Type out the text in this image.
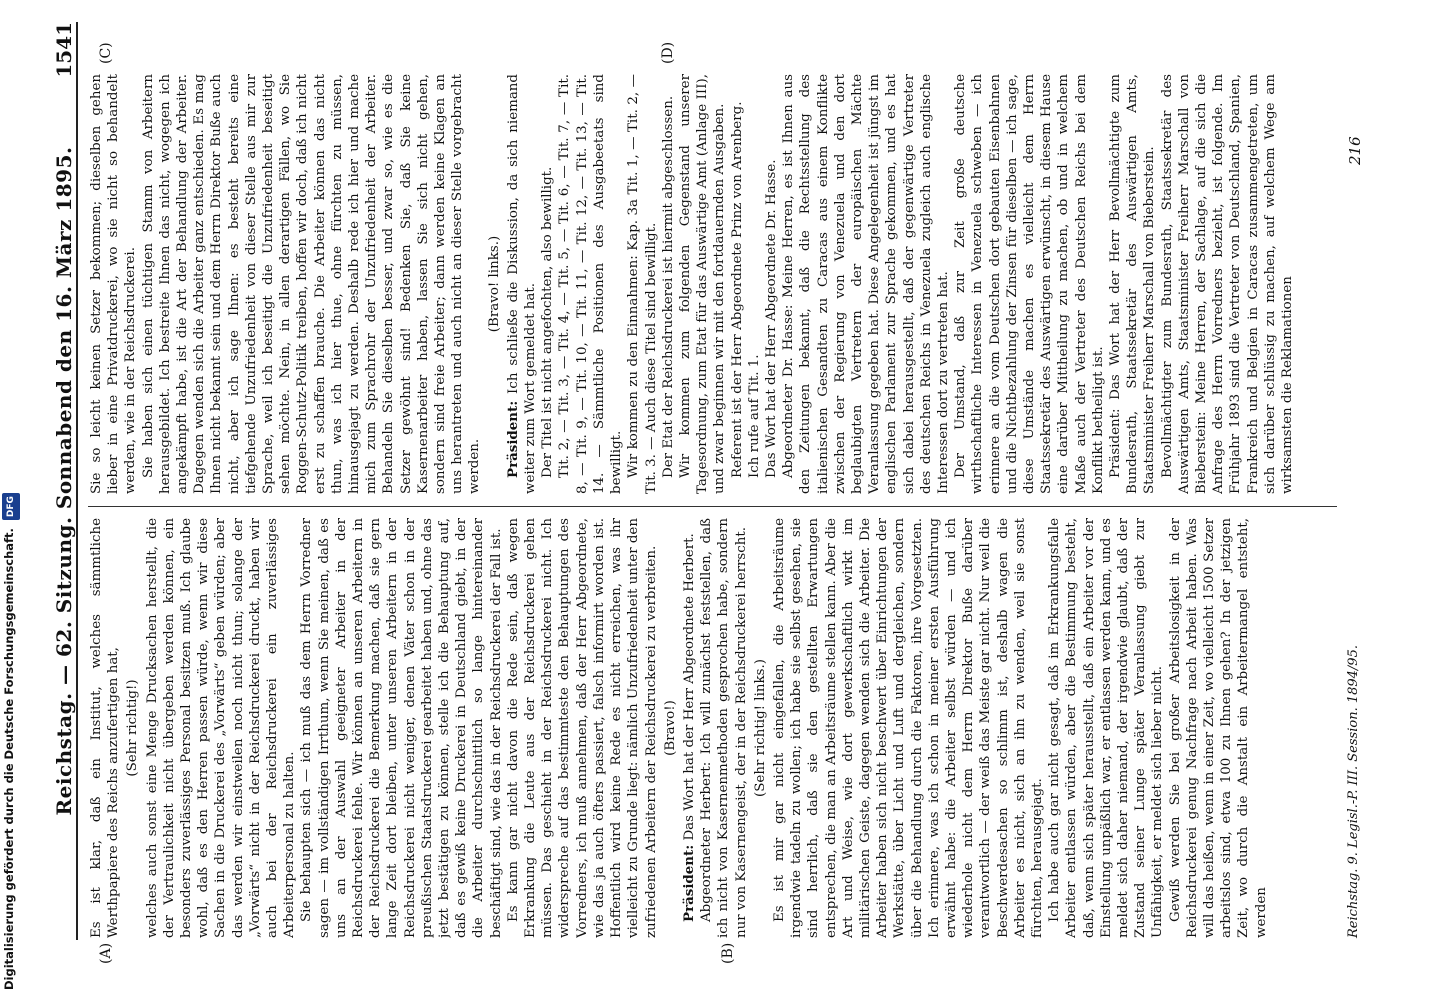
Reichstag. — 62. Sitzung. Sonnabend den 16. März 1895.
1541
(A)	(B)
(C)	(D)

Es ist klar, daß ein Institut, welches sämmtliche Werthpapiere des Reichs anzufertigen hat, (Sehr richtig!) welches auch sonst eine Menge Drucksachen herstellt, die der Vertraulichkeit nicht übergeben werden können, ein besonders zuverlässiges Personal besitzen muß. Ich glaube wohl, daß es den Herren passen würde, wenn wir diese Sachen in die Druckerei des „Vorwärts“ geben würden; aber das werden wir einstweilen noch nicht thun; solange der „Vorwärts“ nicht in der Reichsdruckerei druckt, haben wir auch bei der Reichsdruckerei ein zuverlässiges Arbeiterpersonal zu halten. Sie behaupten sich — ich muß das dem Herrn Vorredner sagen — im vollständigen Irrthum, wenn Sie meinen, daß es uns an der Auswahl geeigneter Arbeiter in der Reichsdruckerei fehle. Wir können an unseren Arbeitern in der Reichsdruckerei die Bemerkung machen, daß sie gern lange Zeit dort bleiben, unter unseren Arbeitern in der Reichsdruckerei nicht weniger, denen Väter schon in der preußischen Staatsdruckerei gearbeitet haben und, ohne das jetzt bestätigen zu können, stelle ich die Behauptung auf, daß es gewiß keine Druckerei in Deutschland giebt, in der die Arbeiter durchschnittlich so lange hintereinander beschäftigt sind, wie das in der Reichsdruckerei der Fall ist. Es kann gar nicht davon die Rede sein, daß wegen Erkrankung die Leute aus der Reichsdruckerei gehen müssen. Das geschieht in der Reichsdruckerei nicht. Ich widerspreche auf das bestimmteste den Behauptungen des Vorredners, ich muß annehmen, daß der Herr Abgeordnete, wie das ja auch öfters passiert, falsch informirt worden ist. Hoffentlich wird keine Rede es nicht erreichen, was ihr vielleicht zu Grunde liegt: nämlich Unzufriedenheit unter den zufriedenen Arbeitern der Reichsdruckerei zu verbreiten. (Bravo!)

Präsident: Das Wort hat der Herr Abgeordnete Herbert. Abgeordneter Herbert: Ich will zunächst feststellen, daß ich nicht von Kasernenmethoden gesprochen habe, sondern nur von Kasernengeist, der in der Reichsdruckerei herrscht. (Sehr richtig! links.) Es ist mir gar nicht eingefallen, die Arbeitsräume irgendwie tadeln zu wollen; ich habe sie selbst gesehen, sie sind herrlich, daß sie den gestellten Erwartungen entsprechen, die man an Arbeitsräume stellen kann. Aber die Art und Weise, wie dort gewerkschaftlich wirkt im militärischen Geiste, dagegen wenden sich die Arbeiter. Die Arbeiter haben sich nicht beschwert über Einrichtungen der Werkstätte, über Licht und Luft und dergleichen, sondern über die Behandlung durch die Faktoren, ihre Vorgesetzten. Ich erinnere, was ich schon in meiner ersten Ausführung erwähnt habe: die Arbeiter selbst würden — und ich wiederhole nicht dem Herrn Direktor Buße darüber verantwortlich — der weiß das Meiste gar nicht. Nur weil die Beschwerdesachen so schlimm ist, deshalb wagen die Arbeiter es nicht, sich an ihn zu wenden, weil sie sonst fürchten, herausgejagt. Ich habe auch gar nicht gesagt, daß im Erkrankungsfalle Arbeiter entlassen würden, aber die Bestimmung besteht, daß, wenn sich später herausstellt, daß ein Arbeiter vor der Einstellung unpäßlich war, er entlassen werden kann, und es meldet sich daher niemand, der irgendwie glaubt, daß der Zustand seiner Lunge später Veranlassung giebt zur Unfähigkeit, er meldet sich lieber nicht. Gewiß werden Sie bei großer Arbeitslosigkeit in der Reichsdruckerei genug Nachfrage nach Arbeit haben. Was will das heißen, wenn in einer Zeit, wo vielleicht 1500 Setzer arbeitslos sind, etwa 100 zu Ihnen gehen? In der jetzigen Zeit, wo durch die Anstalt ein Arbeitermangel entsteht, werden

Sie so leicht keinen Setzer bekommen; dieselben gehen lieber in eine Privatdruckerei, wo sie nicht so behandelt werden, wie in der Reichsdruckerei. Sie haben sich einen tüchtigen Stamm von Arbeitern herausgebildet. Ich bestreite Ihnen das nicht, wogegen ich angekämpft habe, ist die Art der Behandlung der Arbeiter. Dagegen wenden sich die Arbeiter ganz entschieden. Es mag Ihnen nicht bekannt sein und dem Herrn Direktor Buße auch nicht, aber ich sage Ihnen: es besteht bereits eine tiefgehende Unzufriedenheit von dieser Stelle aus mir zur Sprache, weil ich beseitigt die Unzufriedenheit beseitigt sehen möchte. Nein, in allen derartigen Fällen, wo Sie Roggen-Schutz-Politik treiben, hoffen wir doch, daß ich nicht erst zu schaffen brauche. Die Arbeiter können das nicht thun, was ich hier thue, ohne fürchten zu müssen, hinausgejagt zu werden. Deshalb rede ich hier und mache mich zum Sprachrohr der Unzufriedenheit der Arbeiter. Behandeln Sie dieselben besser, und zwar so, wie es die Setzer gewöhnt sind! Bedenken Sie, daß Sie keine Kasernenarbeiter haben, lassen Sie sich nicht gehen, sondern sind freie Arbeiter; dann werden keine Klagen an uns herantreten und auch nicht an dieser Stelle vorgebracht werden.

(Bravo! links.)

Präsident: Ich schließe die Diskussion, da sich niemand weiter zum Wort gemeldet hat. Der Titel ist nicht angefochten, also bewilligt. Tit. 2, — Tit. 3, — Tit. 4, — Tit. 5, — Tit. 6, — Tit. 7, — Tit. 8, — Tit. 9, — Tit. 10, — Tit. 11, — Tit. 12, — Tit. 13, — Tit. 14. — Sämmtliche Positionen des Ausgabeetats sind bewilligt. Wir kommen zu den Einnahmen: Kap. 3a Tit. 1, — Tit. 2, — Tit. 3. — Auch diese Titel sind bewilligt. Der Etat der Reichsdruckerei ist hiermit abgeschlossen. Wir kommen zum folgenden Gegenstand unserer Tagesordnung, zum Etat für das Auswärtige Amt (Anlage III), und zwar beginnen wir mit den fortdauernden Ausgaben. Referent ist der Herr Abgeordnete Prinz von Arenberg. Ich rufe auf Tit. 1. Das Wort hat der Herr Abgeordnete Dr. Hasse. Abgeordneter Dr. Hasse: Meine Herren, es ist Ihnen aus den Zeitungen bekannt, daß die Rechtsstellung des italienischen Gesandten zu Caracas aus einem Konflikte zwischen der Regierung von Venezuela und den dort beglaubigten Vertretern der europäischen Mächte Veranlassung gegeben hat. Diese Angelegenheit ist jüngst im englischen Parlament zur Sprache gekommen, und es hat sich dabei herausgestellt, daß der gegenwärtige Vertreter des deutschen Reichs in Venezuela zugleich auch englische Interessen dort zu vertreten hat. Der Umstand, daß zur Zeit große deutsche wirthschaftliche Interessen in Venezuela schweben — ich erinnere an die vom Deutschen dort gebauten Eisenbahnen und die Nichtbezahlung der Zinsen für dieselben — ich sage, diese Umstände machen es vielleicht dem Herrn Staatssekretär des Auswärtigen erwünscht, in diesem Hause eine darüber Mittheilung zu machen, ob und in welchem Maße auch der Vertreter des Deutschen Reichs bei dem Konflikt betheiligt ist. Präsident: Das Wort hat der Herr Bevollmächtigte zum Bundesrath, Staatssekretär des Auswärtigen Amts, Staatsminister Freiherr Marschall von Bieberstein. Bevollmächtigter zum Bundesrath, Staatssekretär des Auswärtigen Amts, Staatsminister Freiherr Marschall von Bieberstein: Meine Herren, der Sachlage, auf die sich die Anfrage des Herrn Vorredners bezieht, ist folgende. Im Frühjahr 1893 sind die Vertreter von Deutschland, Spanien, Frankreich und Belgien in Caracas zusammengetreten, um sich darüber schlüssig zu machen, auf welchem Wege am wirksamsten die Reklamationen

Reichstag. 9. Legisl.-P. III. Session. 1894/95.
216
Digitalisierung gefördert durch die Deutsche Forschungsgemeinschaft. DFG
